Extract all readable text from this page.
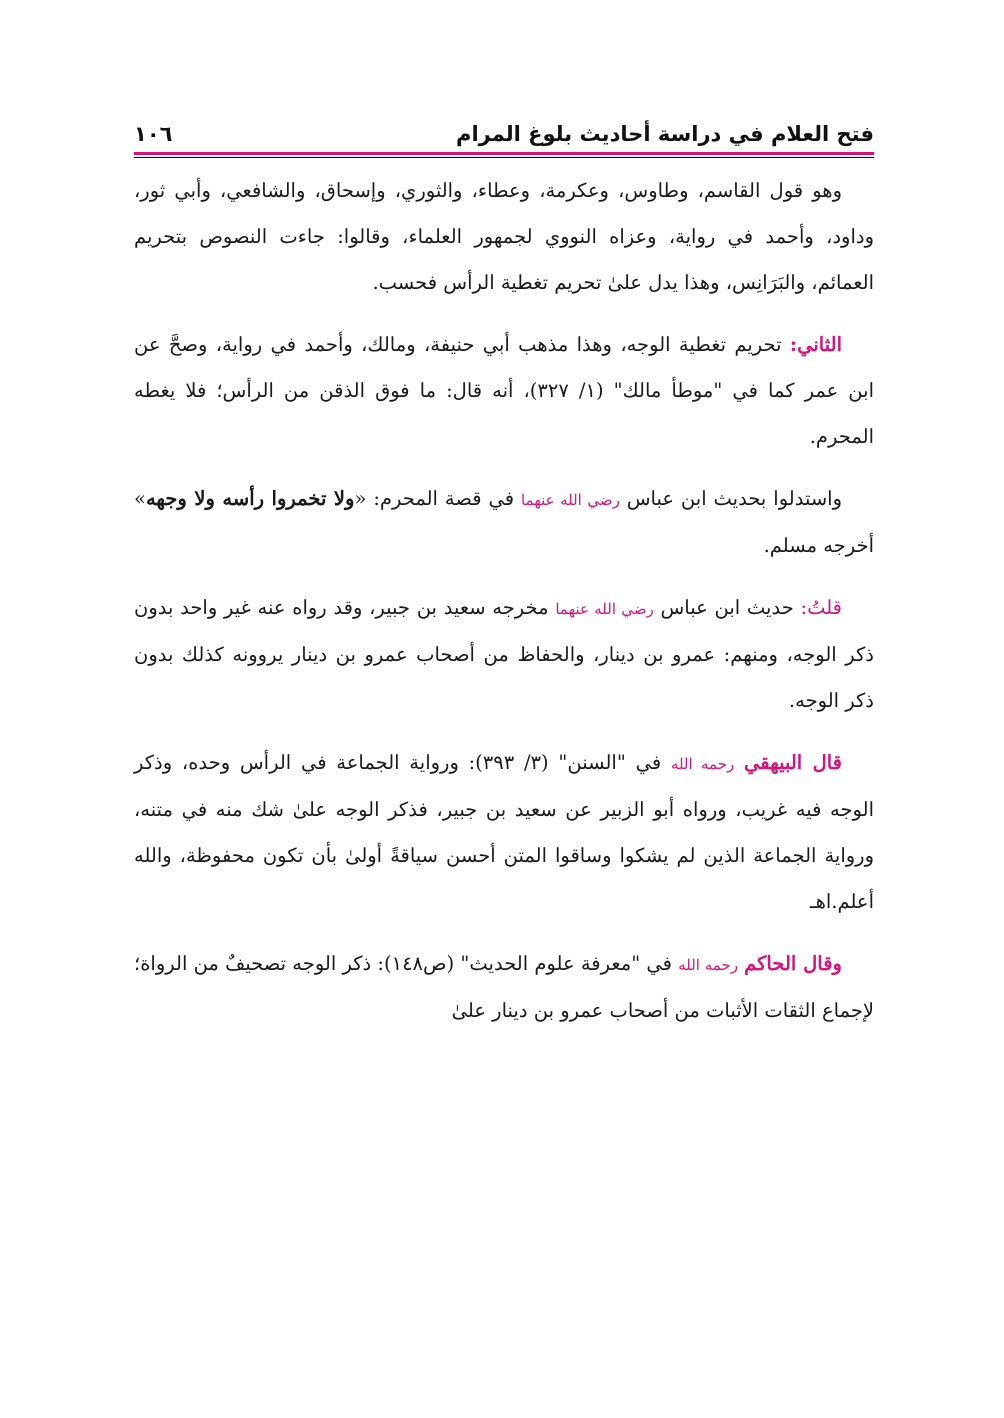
فتح العلام في دراسة أحاديث بلوغ المرام
١٠٦

وهو قول القاسم، وطاوس، وعكرمة، وعطاء، والثوري، وإسحاق، والشافعي، وأبي ثور، وداود، وأحمد في رواية، وعزاه النووي لجمهور العلماء، وقالوا: جاءت النصوص بتحريم العمائم، والبَرَانِس، وهذا يدل علىٰ تحريم تغطية الرأس فحسب.

الثاني: تحريم تغطية الوجه، وهذا مذهب أبي حنيفة، ومالك، وأحمد في رواية، وصحَّ عن ابن عمر كما في "موطأ مالك" (١/ ٣٢٧)، أنه قال: ما فوق الذقن من الرأس؛ فلا يغطه المحرم.

واستدلوا بحديث ابن عباس رضي الله عنهما في قصة المحرم: «ولا تخمروا رأسه ولا وجهه» أخرجه مسلم.

قلتُ: حديث ابن عباس رضي الله عنهما مخرجه سعيد بن جبير، وقد رواه عنه غير واحد بدون ذكر الوجه، ومنهم: عمرو بن دينار، والحفاظ من أصحاب عمرو بن دينار يروونه كذلك بدون ذكر الوجه.

قال البيهقي رحمه الله في "السنن" (٣/ ٣٩٣): ورواية الجماعة في الرأس وحده، وذكر الوجه فيه غريب، ورواه أبو الزبير عن سعيد بن جبير، فذكر الوجه علىٰ شك منه في متنه، ورواية الجماعة الذين لم يشكوا وساقوا المتن أحسن سياقةً أولىٰ بأن تكون محفوظة، والله أعلم.اهـ

وقال الحاكم رحمه الله في "معرفة علوم الحديث" (ص١٤٨): ذكر الوجه تصحيفٌ من الرواة؛ لإجماع الثقات الأثبات من أصحاب عمرو بن دينار علىٰ
